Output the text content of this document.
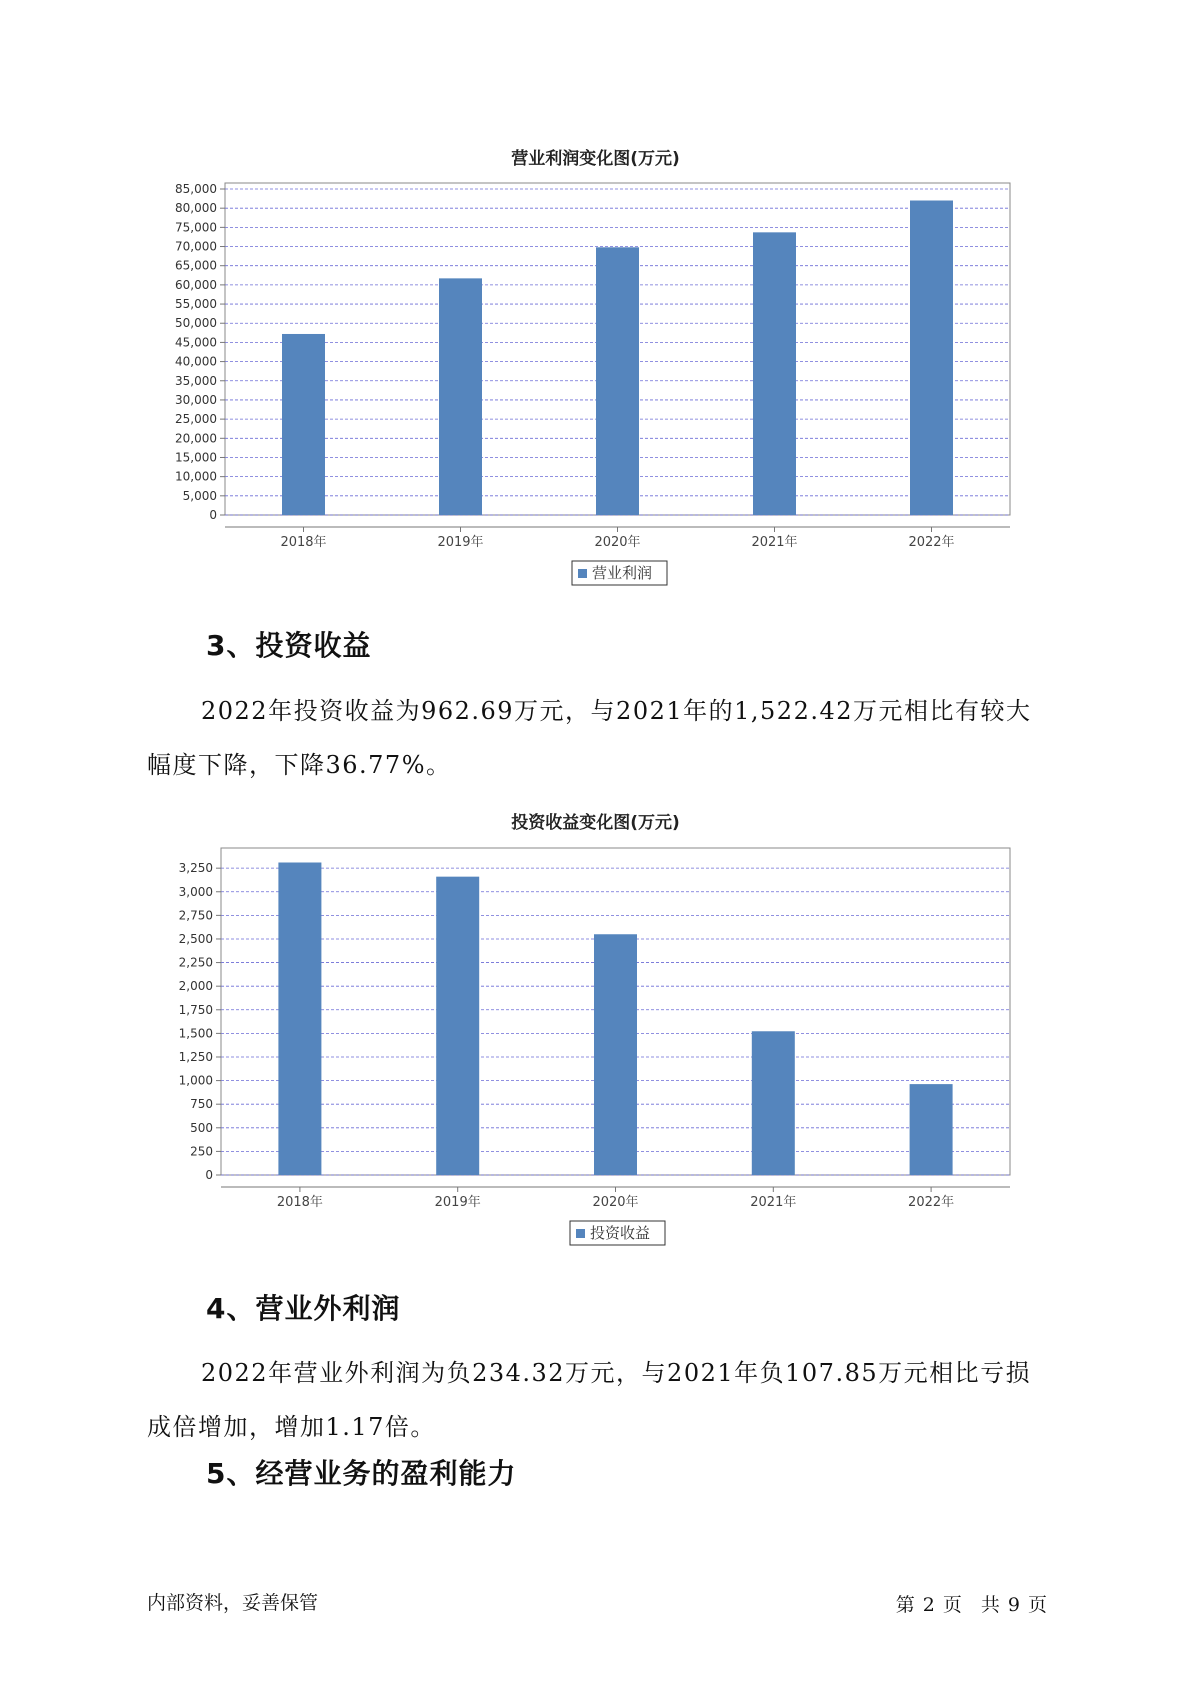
营业利润变化图(万元)
0
5,000
10,000
15,000
20,000
25,000
30,000
35,000
40,000
45,000
50,000
55,000
60,000
65,000
70,000
75,000
80,000
85,000
2018年	2019年	2020年	2021年	2022年
营业利润
3、投资收益
2022年投资收益为962.69万元，与2021年的1,522.42万元相比有较大
幅度下降，下降36.77%。
投资收益变化图(万元)
0
250
500
750
1,000
1,250
1,500
1,750
2,000
2,250
2,500
2,750
3,000
3,250
2018年	2019年	2020年	2021年	2022年
投资收益
4、营业外利润
2022年营业外利润为负234.32万元，与2021年负107.85万元相比亏损
成倍增加，增加1.17倍。
5、经营业务的盈利能力
内部资料，妥善保管	第 2 页　共 9 页
